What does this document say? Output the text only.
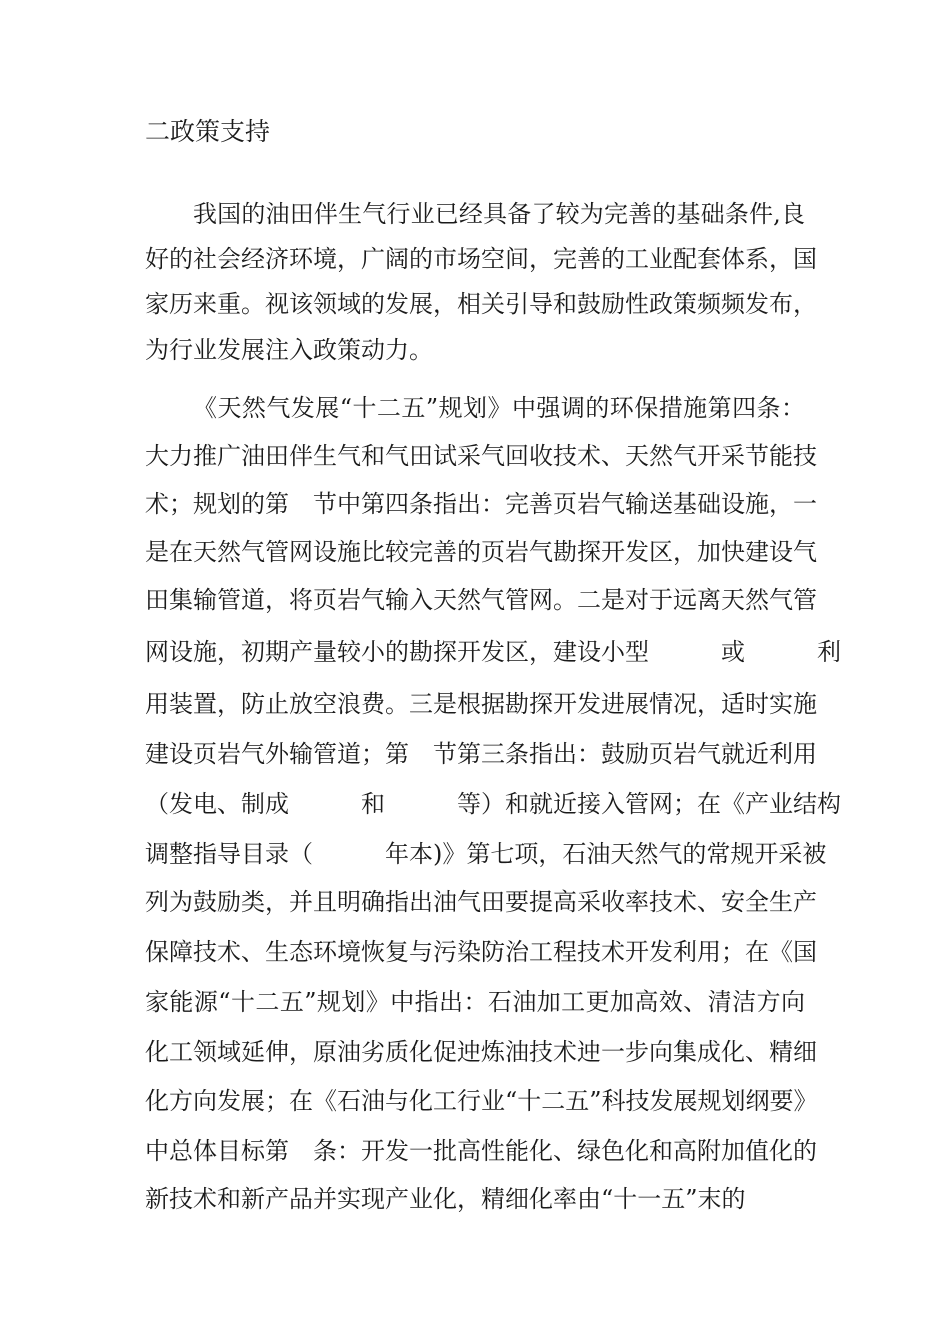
二政策支持
我国的油田伴生气行业已经具备了较为完善的基础条件,良
好的社会经济环境，广阔的市场空间，完善的工业配套体系，国
家历来重。视该领域的发展，相关引导和鼓励性政策频频发布，
为行业发展注入政策动力。
《天然气发展“十二五”规划》中强调的环保措施第四条：
大力推广油田伴生气和气田试采气回收技术、天然气开采节能技
术；规划的第　节中第四条指出：完善页岩气输送基础设施，一
是在天然气管网设施比较完善的页岩气勘探开发区，加快建设气
田集输管道，将页岩气输入天然气管网。二是对于远离天然气管
网设施，初期产量较小的勘探开发区，建设小型　　　或　　　利
用装置，防止放空浪费。三是根据勘探开发进展情况，适时实施
建设页岩气外输管道；第　节第三条指出：鼓励页岩气就近利用
（发电、制成　　　和　　　等）和就近接入管网；在《产业结构
调整指导目录（　　　年本)》第七项，石油天然气的常规开采被
列为鼓励类，并且明确指出油气田要提高采收率技术、安全生产
保障技术、生态环境恢复与污染防治工程技术开发利用；在《国
家能源“十二五”规划》中指出：石油加工更加高效、清洁方向
化工领域延伸，原油劣质化促迚炼油技术迚一步向集成化、精细
化方向发展；在《石油与化工行业“十二五”科技发展规划纲要》
中总体目标第　条：开发一批高性能化、绿色化和高附加值化的
新技术和新产品并实现产业化，精细化率由“十一五”末的
